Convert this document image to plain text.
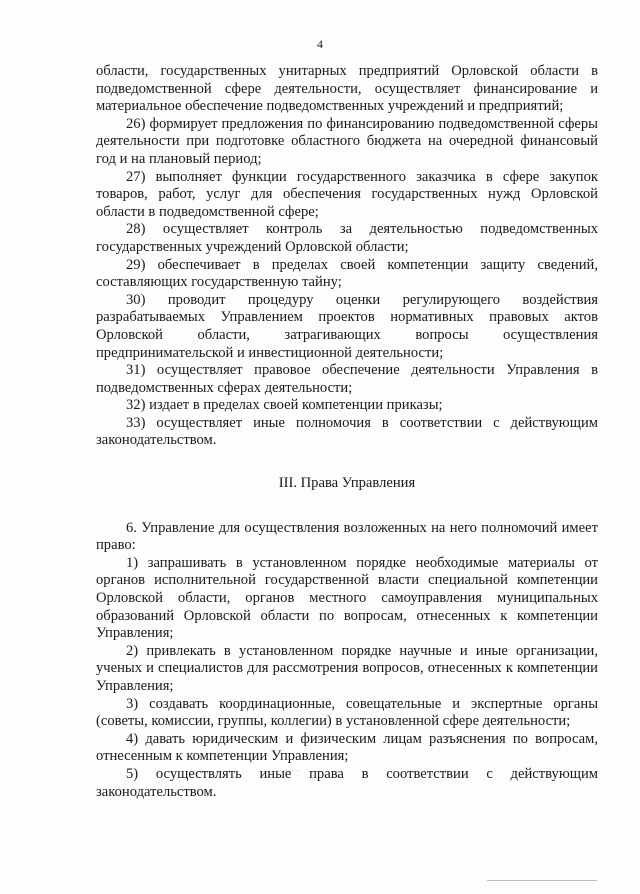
4

области, государственных унитарных предприятий Орловской области в подведомственной сфере деятельности, осуществляет финансирование и материальное обеспечение подведомственных учреждений и предприятий;

26) формирует предложения по финансированию подведомственной сферы деятельности при подготовке областного бюджета на очередной финансовый год и на плановый период;

27) выполняет функции государственного заказчика в сфере закупок товаров, работ, услуг для обеспечения государственных нужд Орловской области в подведомственной сфере;

28) осуществляет контроль за деятельностью подведомственных государственных учреждений Орловской области;

29) обеспечивает в пределах своей компетенции защиту сведений, составляющих государственную тайну;

30) проводит процедуру оценки регулирующего воздействия разрабатываемых Управлением проектов нормативных правовых актов Орловской области, затрагивающих вопросы осуществления предпринимательской и инвестиционной деятельности;

31) осуществляет правовое обеспечение деятельности Управления в подведомственных сферах деятельности;

32) издает в пределах своей компетенции приказы;

33) осуществляет иные полномочия в соответствии с действующим законодательством.

III. Права Управления

6. Управление для осуществления возложенных на него полномочий имеет право:

1) запрашивать в установленном порядке необходимые материалы от органов исполнительной государственной власти специальной компетенции Орловской области, органов местного самоуправления муниципальных образований Орловской области по вопросам, отнесенных к компетенции Управления;

2) привлекать в установленном порядке научные и иные организации, ученых и специалистов для рассмотрения вопросов, отнесенных к компетенции Управления;

3) создавать координационные, совещательные и экспертные органы (советы, комиссии, группы, коллегии) в установленной сфере деятельности;

4) давать юридическим и физическим лицам разъяснения по вопросам, отнесенным к компетенции Управления;

5) осуществлять иные права в соответствии с действующим законодательством.
